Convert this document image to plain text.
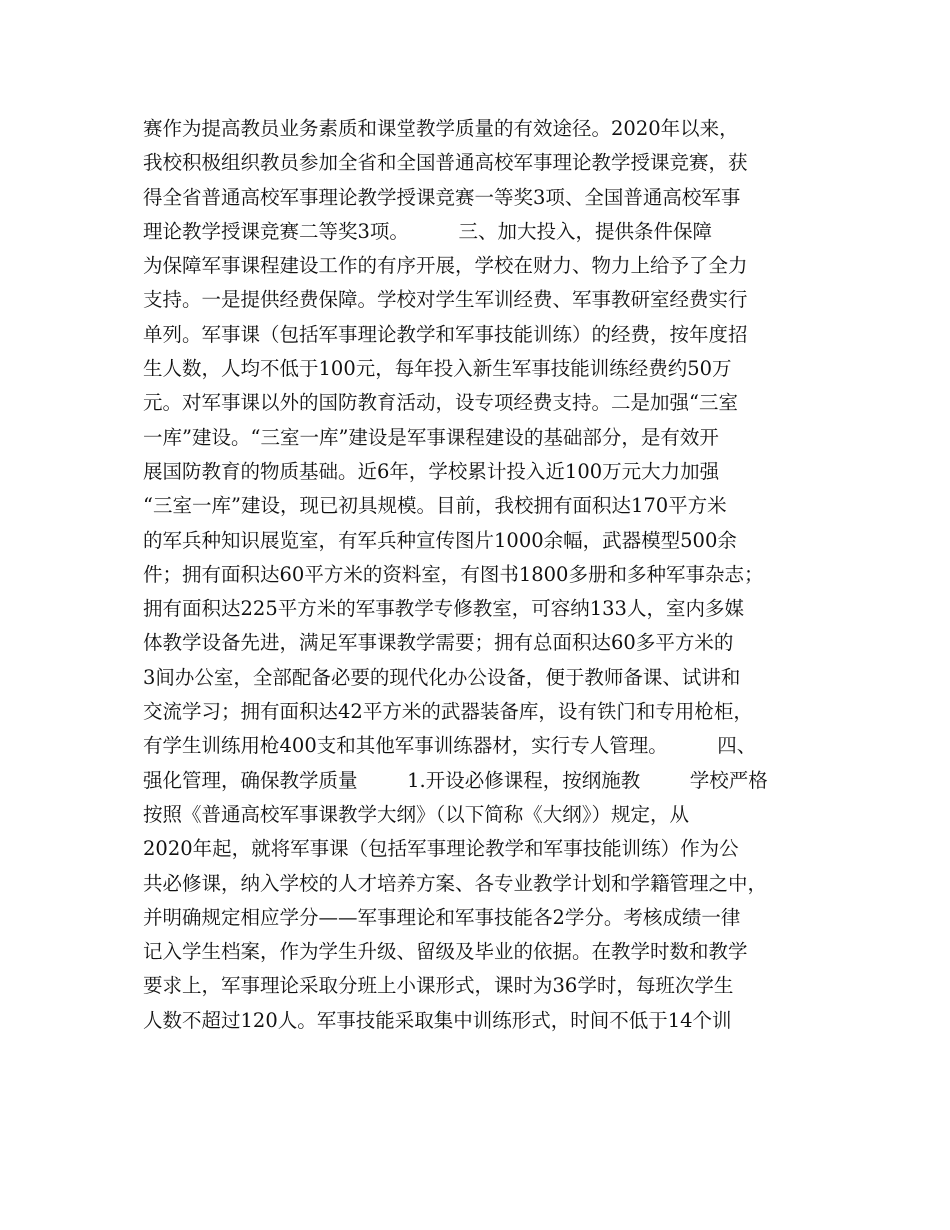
赛作为提高教员业务素质和课堂教学质量的有效途径。2020年以来，
我校积极组织教员参加全省和全国普通高校军事理论教学授课竞赛，获
得全省普通高校军事理论教学授课竞赛一等奖3项、全国普通高校军事
理论教学授课竞赛二等奖3项。        三、加大投入，提供条件保障
为保障军事课程建设工作的有序开展，学校在财力、物力上给予了全力
支持。一是提供经费保障。学校对学生军训经费、军事教研室经费实行
单列。军事课（包括军事理论教学和军事技能训练）的经费，按年度招
生人数，人均不低于100元，每年投入新生军事技能训练经费约50万
元。对军事课以外的国防教育活动，设专项经费支持。二是加强“三室
一库”建设。“三室一库”建设是军事课程建设的基础部分，是有效开
展国防教育的物质基础。近6年，学校累计投入近100万元大力加强
“三室一库”建设，现已初具规模。目前，我校拥有面积达170平方米
的军兵种知识展览室，有军兵种宣传图片1000余幅，武器模型500余
件；拥有面积达60平方米的资料室，有图书1800多册和多种军事杂志；
拥有面积达225平方米的军事教学专修教室，可容纳133人，室内多媒
体教学设备先进，满足军事课教学需要；拥有总面积达60多平方米的
3间办公室，全部配备必要的现代化办公设备，便于教师备课、试讲和
交流学习；拥有面积达42平方米的武器装备库，设有铁门和专用枪柜，
有学生训练用枪400支和其他军事训练器材，实行专人管理。        四、
强化管理，确保教学质量        1.开设必修课程，按纲施教        学校严格
按照《普通高校军事课教学大纲》（以下简称《大纲》）规定，从
2020年起，就将军事课（包括军事理论教学和军事技能训练）作为公
共必修课，纳入学校的人才培养方案、各专业教学计划和学籍管理之中，
并明确规定相应学分——军事理论和军事技能各2学分。考核成绩一律
记入学生档案，作为学生升级、留级及毕业的依据。在教学时数和教学
要求上，军事理论采取分班上小课形式，课时为36学时，每班次学生
人数不超过120人。军事技能采取集中训练形式，时间不低于14个训
